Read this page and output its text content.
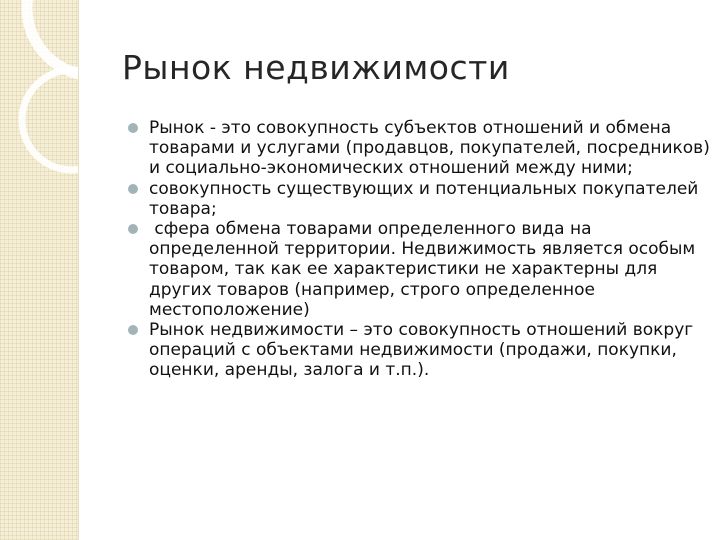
Рынок недвижимости
Рынок - это совокупность субъектов отношений и обмена товарами и услугами (продавцов, покупателей, посредников) и социально-экономических отношений между ними;
совокупность существующих и потенциальных покупателей товара;
сфера обмена товарами определенного вида на определенной территории. Недвижимость является особым товаром, так как ее характеристики не характерны для других товаров (например, строго определенное местоположение)
Рынок недвижимости – это совокупность отношений вокруг операций с объектами недвижимости (продажи, покупки, оценки, аренды, залога и т.п.).
